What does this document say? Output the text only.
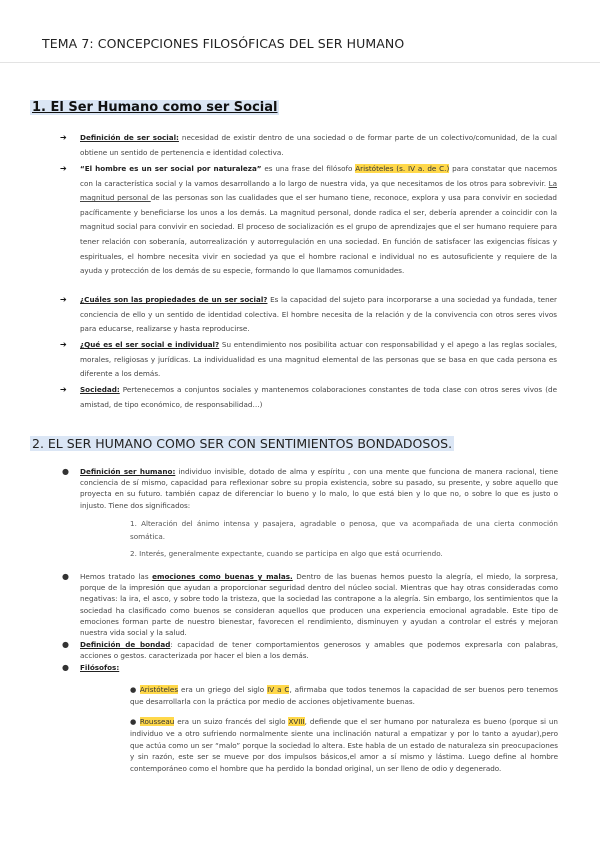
TEMA 7: CONCEPCIONES FILOSÓFICAS DEL SER HUMANO
1. El Ser Humano como ser Social
➔ Definición de ser social: necesidad de existir dentro de una sociedad o de formar parte de un colectivo/comunidad, de la cual obtiene un sentido de pertenencia e identidad colectiva.
➔ “El hombre es un ser social por naturaleza” es una frase del filósofo Aristóteles (s. IV a. de C.) para constatar que nacemos con la característica social y la vamos desarrollando a lo largo de nuestra vida, ya que necesitamos de los otros para sobrevivir. La magnitud personal de las personas son las cualidades que el ser humano tiene, reconoce, explora y usa para convivir en sociedad pacíficamente y beneficiarse los unos a los demás. La magnitud personal, donde radica el ser, debería aprender a coincidir con la magnitud social para convivir en sociedad. El proceso de socialización es el grupo de aprendizajes que el ser humano requiere para tener relación con soberanía, autorrealización y autorregulación en una sociedad. En función de satisfacer las exigencias físicas y espirituales, el hombre necesita vivir en sociedad ya que el hombre racional e individual no es autosuficiente y requiere de la ayuda y protección de los demás de su especie, formando lo que llamamos comunidades.
➔ ¿Cuáles son las propiedades de un ser social? Es la capacidad del sujeto para incorporarse a una sociedad ya fundada, tener conciencia de ello y un sentido de identidad colectiva. El hombre necesita de la relación y de la convivencia con otros seres vivos para educarse, realizarse y hasta reproducirse.
➔ ¿Qué es el ser social e individual? Su entendimiento nos posibilita actuar con responsabilidad y el apego a las reglas sociales, morales, religiosas y jurídicas. La individualidad es una magnitud elemental de las personas que se basa en que cada persona es diferente a los demás.
➔ Sociedad: Pertenecemos a conjuntos sociales y mantenemos colaboraciones constantes de toda clase con otros seres vivos (de amistad, de tipo económico, de responsabilidad…)
2. EL SER HUMANO COMO SER CON SENTIMIENTOS BONDADOSOS.
● Definición ser humano: individuo invisible, dotado de alma y espíritu , con una mente que funciona de manera racional, tiene conciencia de sí mismo, capacidad para reflexionar sobre su propia existencia, sobre su pasado, su presente, y sobre aquello que proyecta en su futuro. también capaz de diferenciar lo bueno y lo malo, lo que está bien y lo que no, o sobre lo que es justo o injusto. Tiene dos significados:
1. Alteración del ánimo intensa y pasajera, agradable o penosa, que va acompañada de una cierta conmoción somática.
2. Interés, generalmente expectante, cuando se participa en algo que está ocurriendo.
● Hemos tratado las emociones como buenas y malas. Dentro de las buenas hemos puesto la alegría, el miedo, la sorpresa, porque de la impresión que ayudan a proporcionar seguridad dentro del núcleo social. Mientras que hay otras consideradas como negativas: la ira, el asco, y sobre todo la tristeza, que la sociedad las contrapone a la alegría. Sin embargo, los sentimientos que la sociedad ha clasificado como buenos se consideran aquellos que producen una experiencia emocional agradable. Este tipo de emociones forman parte de nuestro bienestar, favorecen el rendimiento, disminuyen y ayudan a controlar el estrés y mejoran nuestra vida social y la salud.
● Definición de bondad: capacidad de tener comportamientos generosos y amables que podemos expresarla con palabras, acciones o gestos. caracterizada por hacer el bien a los demás.
● Filósofos:
● Aristóteles era un griego del siglo IV a C, afirmaba que todos tenemos la capacidad de ser buenos pero tenemos que desarrollarla con la práctica por medio de acciones objetivamente buenas.
● Rousseau era un suizo francés del siglo XVIII, defiende que el ser humano por naturaleza es bueno (porque si un individuo ve a otro sufriendo normalmente siente una inclinación natural a empatizar y por lo tanto a ayudar),pero que actúa como un ser “malo” porque la sociedad lo altera. Este habla de un estado de naturaleza sin preocupaciones y sin razón, este ser se mueve por dos impulsos básicos,el amor a sí mismo y lástima. Luego define al hombre contemporáneo como el hombre que ha perdido la bondad original, un ser lleno de odio y degenerado.
